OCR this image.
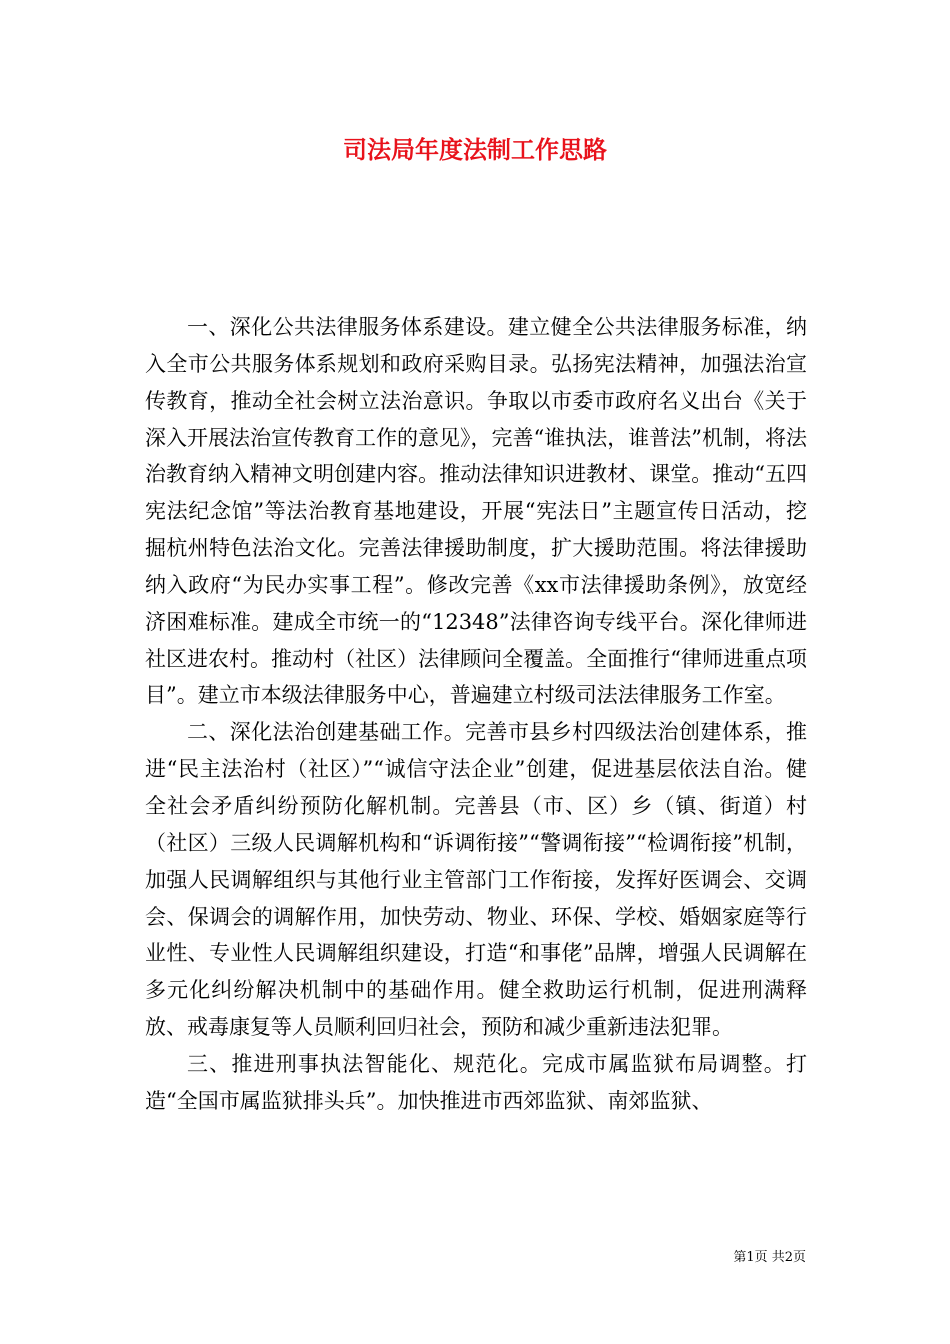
司法局年度法制工作思路

一、深化公共法律服务体系建设。建立健全公共法律服务标准，纳入全市公共服务体系规划和政府采购目录。弘扬宪法精神，加强法治宣传教育，推动全社会树立法治意识。争取以市委市政府名义出台《关于深入开展法治宣传教育工作的意见》，完善“谁执法，谁普法”机制，将法治教育纳入精神文明创建内容。推动法律知识进教材、课堂。推动“五四宪法纪念馆”等法治教育基地建设，开展“宪法日”主题宣传日活动，挖掘杭州特色法治文化。完善法律援助制度，扩大援助范围。将法律援助纳入政府“为民办实事工程”。修改完善《xx市法律援助条例》，放宽经济困难标准。建成全市统一的“12348”法律咨询专线平台。深化律师进社区进农村。推动村（社区）法律顾问全覆盖。全面推行“律师进重点项目”。建立市本级法律服务中心，普遍建立村级司法法律服务工作室。

二、深化法治创建基础工作。完善市县乡村四级法治创建体系，推进“民主法治村（社区）”“诚信守法企业”创建，促进基层依法自治。健全社会矛盾纠纷预防化解机制。完善县（市、区）乡（镇、街道）村（社区）三级人民调解机构和“诉调衔接”“警调衔接”“检调衔接”机制，加强人民调解组织与其他行业主管部门工作衔接，发挥好医调会、交调会、保调会的调解作用，加快劳动、物业、环保、学校、婚姻家庭等行业性、专业性人民调解组织建设，打造“和事佬”品牌，增强人民调解在多元化纠纷解决机制中的基础作用。健全救助运行机制，促进刑满释放、戒毒康复等人员顺利回归社会，预防和减少重新违法犯罪。

三、推进刑事执法智能化、规范化。完成市属监狱布局调整。打造“全国市属监狱排头兵”。加快推进市西郊监狱、南郊监狱、

第1页 共2页
